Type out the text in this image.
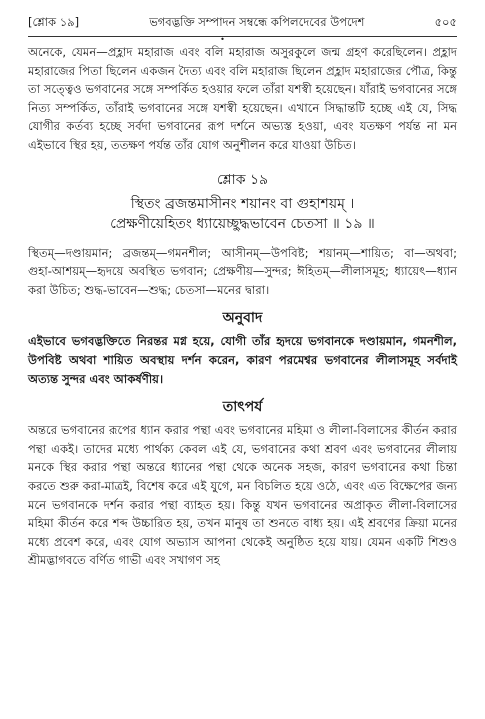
[শ্লোক ১৯]	ভগবদ্ভক্তি সম্পাদন সম্বন্ধে কপিলদেবের উপদেশ	৫০৫
•

অনেকে, যেমন—প্রহ্লাদ মহারাজ এবং বলি মহারাজ অসুরকুলে জন্ম গ্রহণ করেছিলেন। প্রহ্লাদ মহারাজের পিতা ছিলেন একজন দৈত্য এবং বলি মহারাজ ছিলেন প্রহ্লাদ মহারাজের পৌত্র, কিন্তু তা সত্ত্বেও ভগবানের সঙ্গে সম্পর্কিত হওয়ার ফলে তাঁরা যশস্বী হয়েছেন। যাঁরাই ভগবানের সঙ্গে নিত্য সম্পর্কিত, তাঁরাই ভগবানের সঙ্গে যশস্বী হয়েছেন। এখানে সিদ্ধান্তটি হচ্ছে এই যে, সিদ্ধ যোগীর কর্তব্য হচ্ছে সর্বদা ভগবানের রূপ দর্শনে অভ্যস্ত হওয়া, এবং যতক্ষণ পর্যন্ত না মন এইভাবে স্থির হয়, ততক্ষণ পর্যন্ত তাঁর যোগ অনুশীলন করে যাওয়া উচিত।

শ্লোক ১৯
স্থিতং ব্রজন্তমাসীনং শয়ানং বা গুহাশয়ম্ ।
প্রেক্ষণীয়েহিতং ধ্যায়েচ্ছুদ্ধভাবেন চেতসা ॥ ১৯ ॥

স্থিতম্—দণ্ডায়মান; ব্রজন্তম্—গমনশীল; আসীনম্—উপবিষ্ট; শয়ানম্—শায়িত; বা—অথবা; গুহা-আশয়ম্—হৃদয়ে অবস্থিত ভগবান; প্রেক্ষণীয়—সুন্দর; ঈহিতম্—লীলাসমূহ; ধ্যায়েৎ—ধ্যান করা উচিত; শুদ্ধ-ভাবেন—শুদ্ধ; চেতসা—মনের দ্বারা।

অনুবাদ

এইভাবে ভগবদ্ভক্তিতে নিরন্তর মগ্ন হয়ে, যোগী তাঁর হৃদয়ে ভগবানকে দণ্ডায়মান, গমনশীল, উপবিষ্ট অথবা শায়িত অবস্থায় দর্শন করেন, কারণ পরমেশ্বর ভগবানের লীলাসমূহ সর্বদাই অত্যন্ত সুন্দর এবং আকর্ষণীয়।

তাৎপর্য

অন্তরে ভগবানের রূপের ধ্যান করার পন্থা এবং ভগবানের মহিমা ও লীলা-বিলাসের কীর্তন করার পন্থা একই। তাদের মধ্যে পার্থক্য কেবল এই যে, ভগবানের কথা শ্রবণ এবং ভগবানের লীলায় মনকে স্থির করার পন্থা অন্তরে ধ্যানের পন্থা থেকে অনেক সহজ, কারণ ভগবানের কথা চিন্তা করতে শুরু করা-মাত্রই, বিশেষ করে এই যুগে, মন বিচলিত হয়ে ওঠে, এবং এত বিক্ষেপের জন্য মনে ভগবানকে দর্শন করার পন্থা ব্যাহত হয়। কিন্তু যখন ভগবানের অপ্রাকৃত লীলা-বিলাসের মহিমা কীর্তন করে শব্দ উচ্চারিত হয়, তখন মানুষ তা শুনতে বাধ্য হয়। এই শ্রবণের ক্রিয়া মনের মধ্যে প্রবেশ করে, এবং যোগ অভ্যাস আপনা থেকেই অনুষ্ঠিত হয়ে যায়। যেমন একটি শিশুও শ্রীমদ্ভাগবতে বর্ণিত গাভী এবং সখাগণ সহ
